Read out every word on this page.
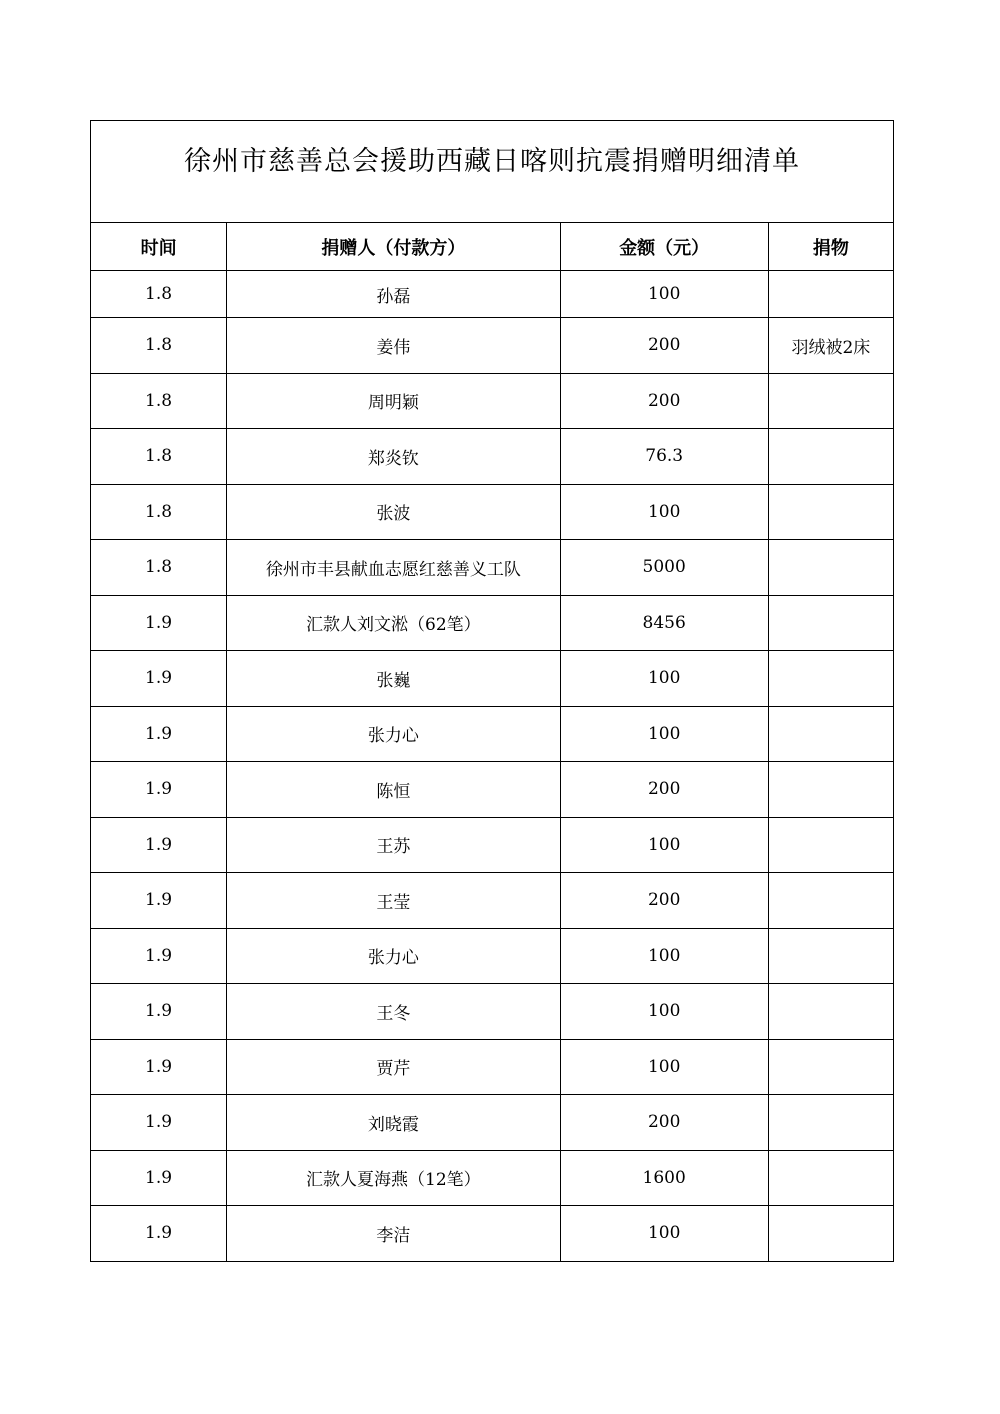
徐州市慈善总会援助西藏日喀则抗震捐赠明细清单			
时间	捐赠人（付款方）	金额（元）	捐物
1.8	孙磊	100	
1.8	姜伟	200	羽绒被2床
1.8	周明颖	200	
1.8	郑炎钦	76.3	
1.8	张波	100	
1.8	徐州市丰县献血志愿红慈善义工队	5000	
1.9	汇款人刘文淞（62笔）	8456	
1.9	张巍	100	
1.9	张力心	100	
1.9	陈恒	200	
1.9	王苏	100	
1.9	王莹	200	
1.9	张力心	100	
1.9	王冬	100	
1.9	贾芹	100	
1.9	刘晓霞	200	
1.9	汇款人夏海燕（12笔）	1600	
1.9	李洁	100	
